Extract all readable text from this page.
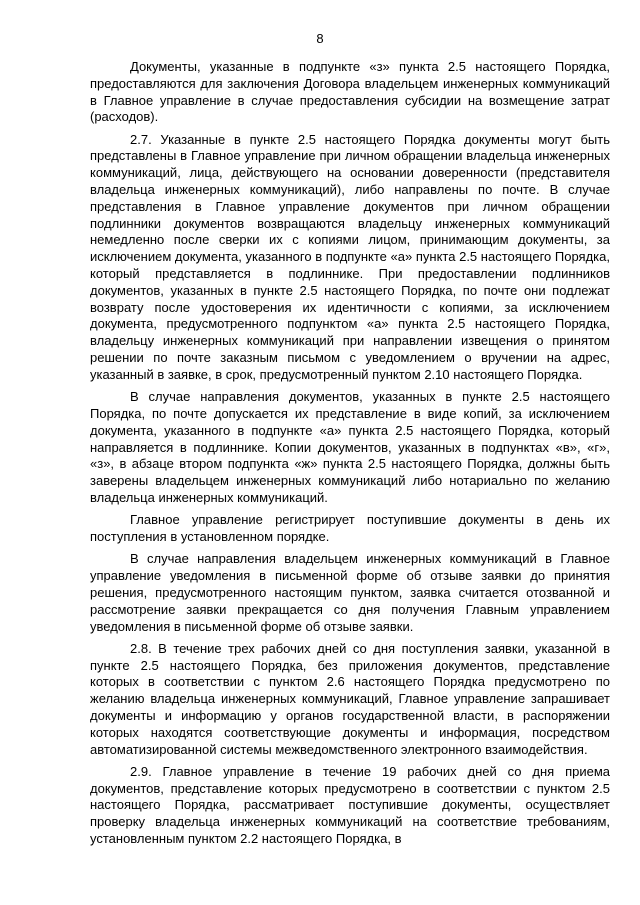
8

Документы, указанные в подпункте «з» пункта 2.5 настоящего Порядка, предоставляются для заключения Договора владельцем инженерных коммуникаций в Главное управление в случае предоставления субсидии на возмещение затрат (расходов).

2.7. Указанные в пункте 2.5 настоящего Порядка документы могут быть представлены в Главное управление при личном обращении владельца инженерных коммуникаций, лица, действующего на основании доверенности (представителя владельца инженерных коммуникаций), либо направлены по почте. В случае представления в Главное управление документов при личном обращении подлинники документов возвращаются владельцу инженерных коммуникаций немедленно после сверки их с копиями лицом, принимающим документы, за исключением документа, указанного в подпункте «а» пункта 2.5 настоящего Порядка, который представляется в подлиннике. При предоставлении подлинников документов, указанных в пункте 2.5 настоящего Порядка, по почте они подлежат возврату после удостоверения их идентичности с копиями, за исключением документа, предусмотренного подпунктом «а» пункта 2.5 настоящего Порядка, владельцу инженерных коммуникаций при направлении извещения о принятом решении по почте заказным письмом с уведомлением о вручении на адрес, указанный в заявке, в срок, предусмотренный пунктом 2.10 настоящего Порядка.

В случае направления документов, указанных в пункте 2.5 настоящего Порядка, по почте допускается их представление в виде копий, за исключением документа, указанного в подпункте «а» пункта 2.5 настоящего Порядка, который направляется в подлиннике. Копии документов, указанных в подпунктах «в», «г», «з», в абзаце втором подпункта «ж» пункта 2.5 настоящего Порядка, должны быть заверены владельцем инженерных коммуникаций либо нотариально по желанию владельца инженерных коммуникаций.

Главное управление регистрирует поступившие документы в день их поступления в установленном порядке.

В случае направления владельцем инженерных коммуникаций в Главное управление уведомления в письменной форме об отзыве заявки до принятия решения, предусмотренного настоящим пунктом, заявка считается отозванной и рассмотрение заявки прекращается со дня получения Главным управлением уведомления в письменной форме об отзыве заявки.

2.8. В течение трех рабочих дней со дня поступления заявки, указанной в пункте 2.5 настоящего Порядка, без приложения документов, представление которых в соответствии с пунктом 2.6 настоящего Порядка предусмотрено по желанию владельца инженерных коммуникаций, Главное управление запрашивает документы и информацию у органов государственной власти, в распоряжении которых находятся соответствующие документы и информация, посредством автоматизированной системы межведомственного электронного взаимодействия.

2.9. Главное управление в течение 19 рабочих дней со дня приема документов, представление которых предусмотрено в соответствии с пунктом 2.5 настоящего Порядка, рассматривает поступившие документы, осуществляет проверку владельца инженерных коммуникаций на соответствие требованиям, установленным пунктом 2.2 настоящего Порядка, в
